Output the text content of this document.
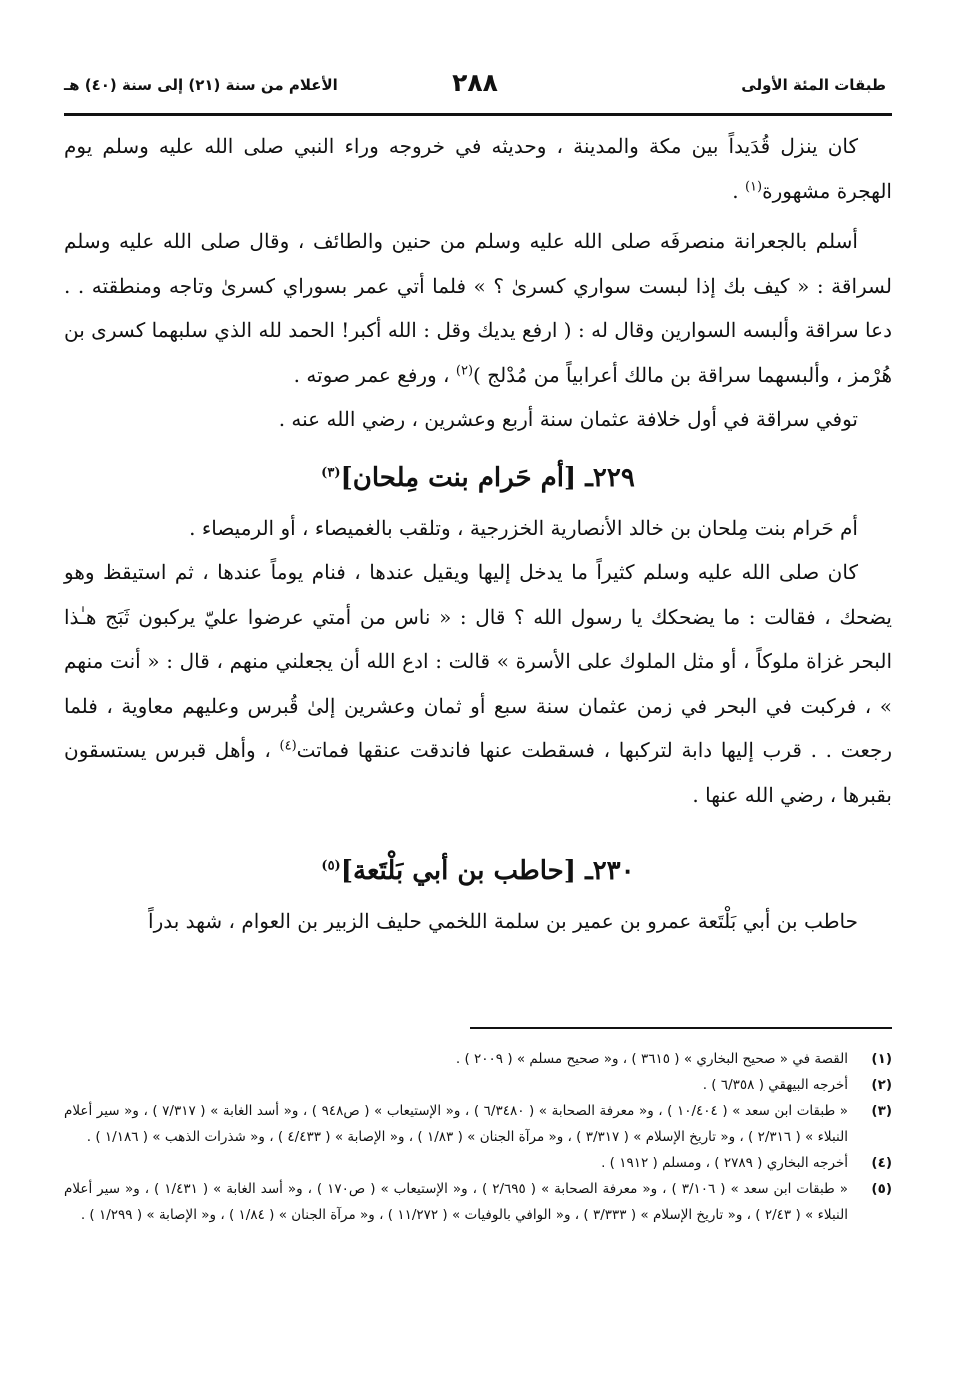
طبقات المئة الأولى
٢٨٨
الأعلام من سنة (٢١) إلى سنة (٤٠) هـ

كان ينزل قُدَيداً بين مكة والمدينة ، وحديثه في خروجه وراء النبي صلى الله عليه وسلم يوم الهجرة مشهورة$^{(١)}$ .

أسلم بالجعرانة منصرفَه صلى الله عليه وسلم من حنين والطائف ، وقال صلى الله عليه وسلم لسراقة : « كيف بك إذا لبست سواري كسرىٰ ؟ » فلما أتي عمر بسوراي كسرىٰ وتاجه ومنطقته . . دعا سراقة وألبسه السوارين وقال له : ( ارفع يديك وقل : الله أكبر! الحمد لله الذي سلبهما كسرى بن هُرْمز ، وألبسهما سراقة بن مالك أعرابياً من مُدْلج )$^{(٢)}$ ، ورفع عمر صوته .

توفي سراقة في أول خلافة عثمان سنة أربع وعشرين ، رضي الله عنه .

٢٢٩ـ [أم حَرام بنت مِلحان]$^{(٣)}$

أم حَرام بنت مِلحان بن خالد الأنصارية الخزرجية ، وتلقب بالغميصاء ، أو الرميصاء .

كان صلى الله عليه وسلم كثيراً ما يدخل إليها ويقيل عندها ، فنام يوماً عندها ، ثم استيقظ وهو يضحك ، فقالت : ما يضحكك يا رسول الله ؟ قال : « ناس من أمتي عرضوا عليّ يركبون ثَبَج هـٰذا البحر غزاة ملوكاً ، أو مثل الملوك على الأسرة » قالت : ادع الله أن يجعلني منهم ، قال : « أنت منهم » ، فركبت في البحر في زمن عثمان سنة سبع أو ثمان وعشرين إلىٰ قُبرس وعليهم معاوية ، فلما رجعت . . قرب إليها دابة لتركبها ، فسقطت عنها فاندقت عنقها فماتت$^{(٤)}$ ، وأهل قبرس يستسقون بقبرها ، رضي الله عنها .

٢٣٠ـ [حاطب بن أبي بَلْتَعة]$^{(٥)}$

حاطب بن أبي بَلْتَعة عمرو بن عمير بن سلمة اللخمي حليف الزبير بن العوام ، شهد بدراً

(١)
القصة في « صحيح البخاري » ( ٣٦١٥ ) ، و« صحيح مسلم » ( ٢٠٠٩ ) .
(٢)
أخرجه البيهقي ( ٦/٣٥٨ ) .
(٣)
« طبقات ابن سعد » ( ١٠/٤٠٤ ) ، و« معرفة الصحابة » ( ٦/٣٤٨٠ ) ، و« الإستيعاب » ( ص٩٤٨ ) ، و« أسد الغابة » ( ٧/٣١٧ ) ، و« سير أعلام النبلاء » ( ٢/٣١٦ ) ، و« تاريخ الإسلام » ( ٣/٣١٧ ) ، و« مرآة الجنان » ( ١/٨٣ ) ، و« الإصابة » ( ٤/٤٣٣ ) ، و« شذرات الذهب » ( ١/١٨٦ ) .
(٤)
أخرجه البخاري ( ٢٧٨٩ ) ، ومسلم ( ١٩١٢ ) .
(٥)
« طبقات ابن سعد » ( ٣/١٠٦ ) ، و« معرفة الصحابة » ( ٢/٦٩٥ ) ، و« الإستيعاب » ( ص١٧٠ ) ، و« أسد الغابة » ( ١/٤٣١ ) ، و« سير أعلام النبلاء » ( ٢/٤٣ ) ، و« تاريخ الإسلام » ( ٣/٣٣٣ ) ، و« الوافي بالوفيات » ( ١١/٢٧٢ ) ، و« مرآة الجنان » ( ١/٨٤ ) ، و« الإصابة » ( ١/٢٩٩ ) .
